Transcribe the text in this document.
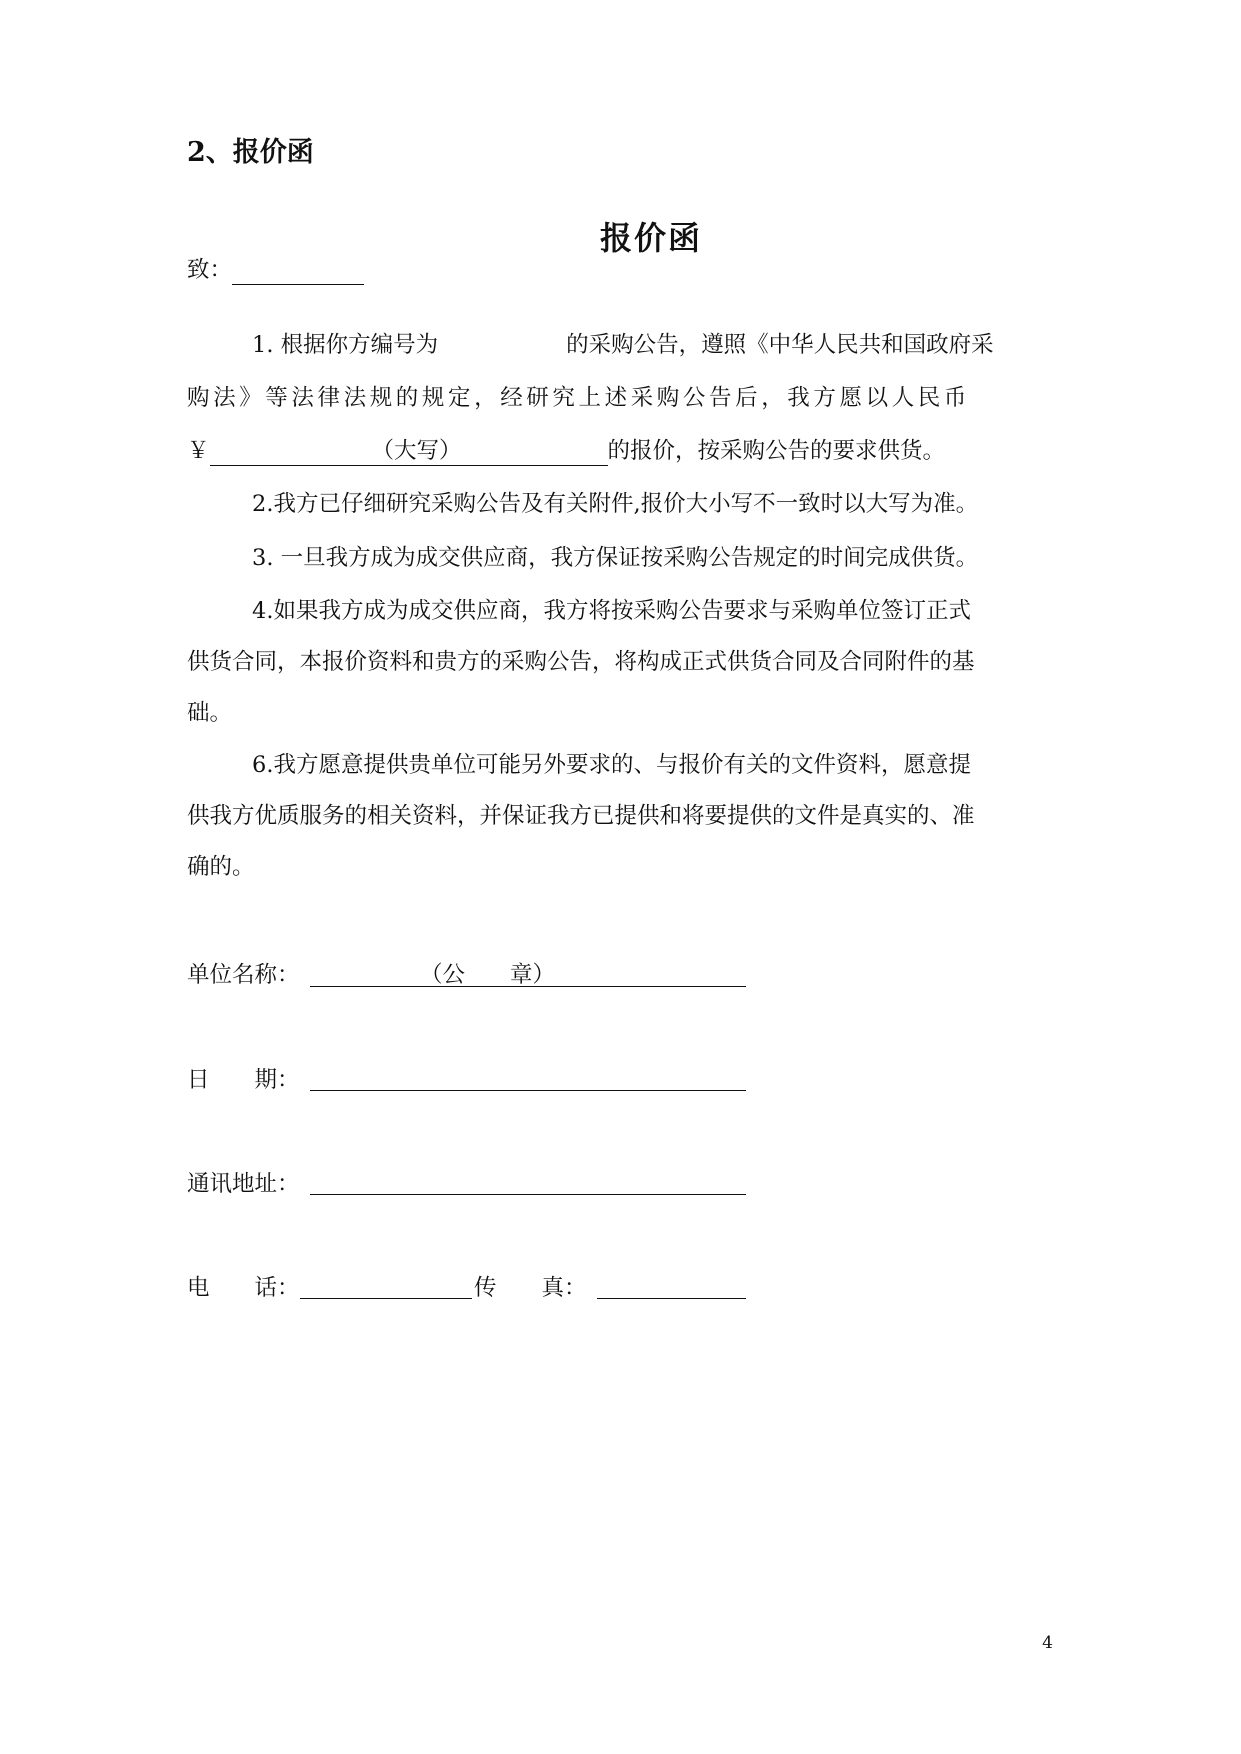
2、报价函
报价函
致：
1. 根据你方编号为	的采购公告，遵照《中华人民共和国政府采
购法》等法律法规的规定，经研究上述采购公告后，我方愿以人民币
￥	（大写）	的报价，按采购公告的要求供货。
2.我方已仔细研究采购公告及有关附件,报价大小写不一致时以大写为准。
3. 一旦我方成为成交供应商，我方保证按采购公告规定的时间完成供货。
4.如果我方成为成交供应商，我方将按采购公告要求与采购单位签订正式
供货合同，本报价资料和贵方的采购公告，将构成正式供货合同及合同附件的基
础。
6.我方愿意提供贵单位可能另外要求的、与报价有关的文件资料，愿意提
供我方优质服务的相关资料，并保证我方已提供和将要提供的文件是真实的、准
确的。
单位名称：	（公　　章）
日　　期：
通讯地址：
电　　话：	传　　真：
4
